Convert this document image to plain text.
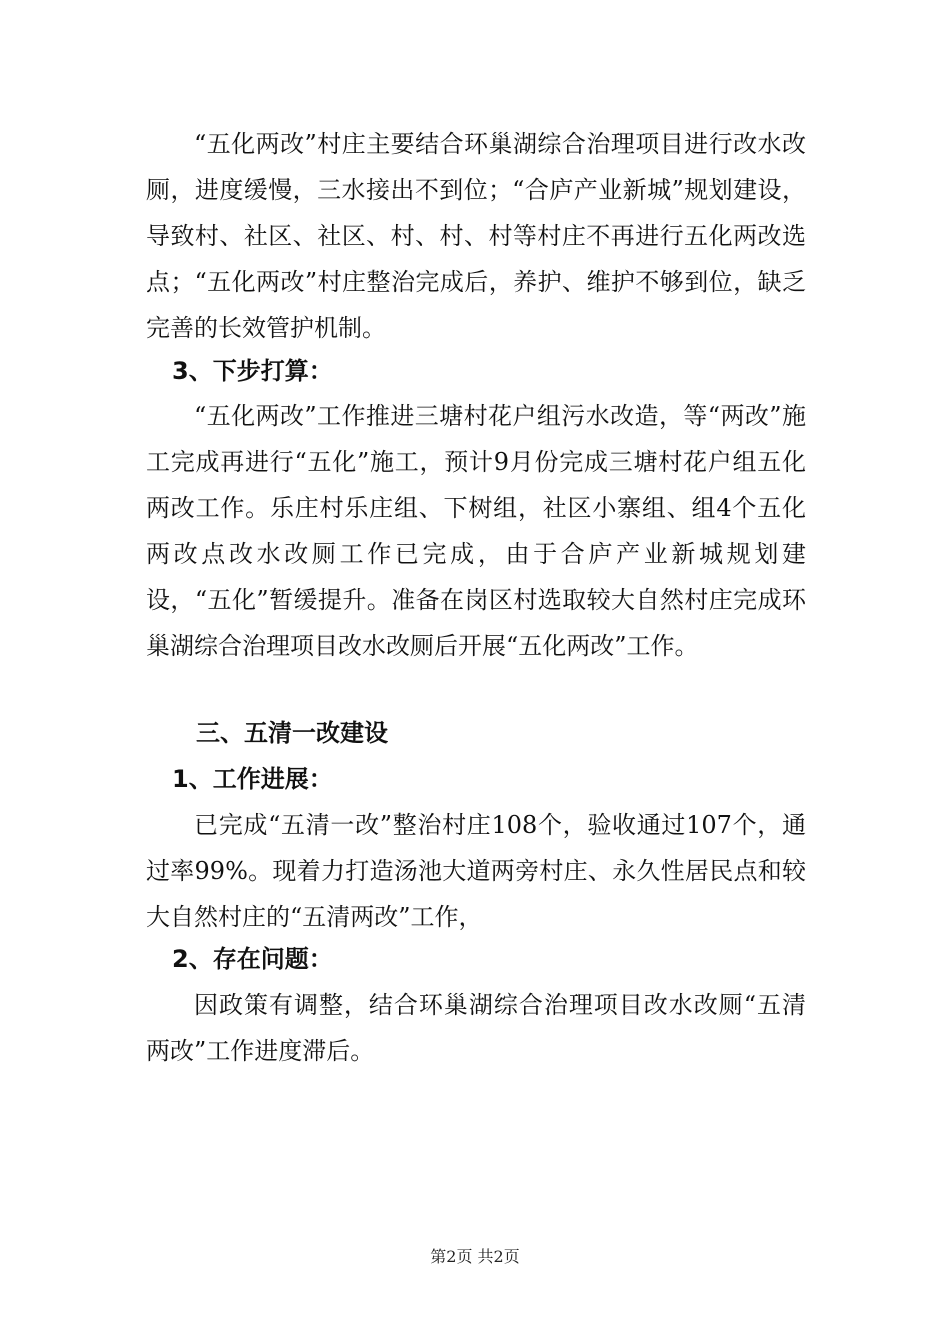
“五化两改”村庄主要结合环巢湖综合治理项目进行改水改厕，进度缓慢，三水接出不到位；“合庐产业新城”规划建设，导致村、社区、社区、村、村、村等村庄不再进行五化两改选点；“五化两改”村庄整治完成后，养护、维护不够到位，缺乏完善的长效管护机制。

3、下步打算：

“五化两改”工作推进三塘村花户组污水改造，等“两改”施工完成再进行“五化”施工，预计9月份完成三塘村花户组五化两改工作。乐庄村乐庄组、下树组，社区小寨组、组4个五化两改点改水改厕工作已完成，由于合庐产业新城规划建设，“五化”暂缓提升。准备在岗区村选取较大自然村庄完成环巢湖综合治理项目改水改厕后开展“五化两改”工作。

三、五清一改建设
1、工作进展：

已完成“五清一改”整治村庄108个，验收通过107个，通过率99%。现着力打造汤池大道两旁村庄、永久性居民点和较大自然村庄的“五清两改”工作，

2、存在问题：

因政策有调整，结合环巢湖综合治理项目改水改厕“五清两改”工作进度滞后。

第2页 共2页
